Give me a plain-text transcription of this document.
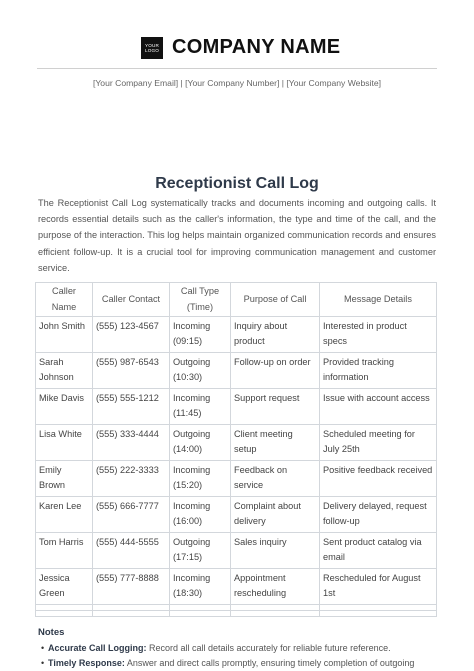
YOUR LOGO COMPANY NAME
[Your Company Email] | [Your Company Number] | [Your Company Website]
Receptionist Call Log

The Receptionist Call Log systematically tracks and documents incoming and outgoing calls. It records essential details such as the caller's information, the type and time of the call, and the purpose of the interaction. This log helps maintain organized communication records and ensures efficient follow-up. It is a crucial tool for improving communication management and customer service.

Caller Name	Caller Contact	Call Type (Time)	Purpose of Call	Message Details
John Smith	(555) 123-4567	Incoming (09:15)	Inquiry about product	Interested in product specs
Sarah Johnson	(555) 987-6543	Outgoing (10:30)	Follow-up on order	Provided tracking information
Mike Davis	(555) 555-1212	Incoming (11:45)	Support request	Issue with account access
Lisa White	(555) 333-4444	Outgoing (14:00)	Client meeting setup	Scheduled meeting for July 25th
Emily Brown	(555) 222-3333	Incoming (15:20)	Feedback on service	Positive feedback received
Karen Lee	(555) 666-7777	Incoming (16:00)	Complaint about delivery	Delivery delayed, request follow-up
Tom Harris	(555) 444-5555	Outgoing (17:15)	Sales inquiry	Sent product catalog via email
Jessica Green	(555) 777-8888	Incoming (18:30)	Appointment rescheduling	Rescheduled for August 1st

Notes
• Accurate Call Logging: Record all call details accurately for reliable future reference.
• Timely Response: Answer and direct calls promptly, ensuring timely completion of outgoing
